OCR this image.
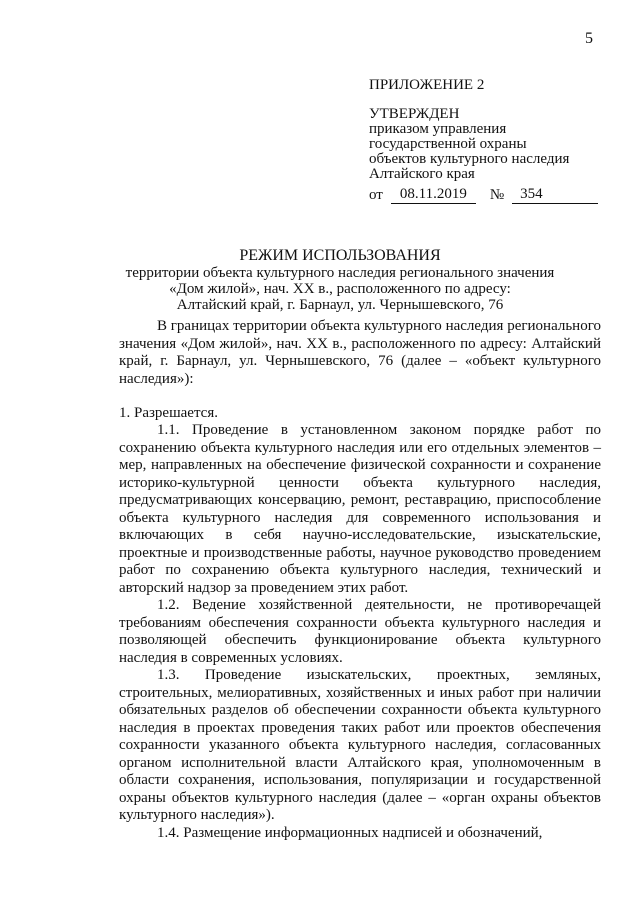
5
ПРИЛОЖЕНИЕ 2
УТВЕРЖДЕН
приказом управления
государственной охраны
объектов культурного наследия
Алтайского края
от	08.11.2019	№	354
РЕЖИМ ИСПОЛЬЗОВАНИЯ
территории объекта культурного наследия регионального значения
«Дом жилой», нач. XX в., расположенного по адресу:
Алтайский край, г. Барнаул, ул. Чернышевского, 76

В границах территории объекта культурного наследия регионального значения «Дом жилой», нач. XX в., расположенного по адресу: Алтайский край, г. Барнаул, ул. Чернышевского, 76 (далее – «объект культурного наследия»):

1. Разрешается.

1.1. Проведение в установленном законом порядке работ по сохранению объекта культурного наследия или его отдельных элементов – мер, направленных на обеспечение физической сохранности и сохранение историко-культурной ценности объекта культурного наследия, предусматривающих консервацию, ремонт, реставрацию, приспособление объекта культурного наследия для современного использования и включающих в себя научно-исследовательские, изыскательские, проектные и производственные работы, научное руководство проведением работ по сохранению объекта культурного наследия, технический и авторский надзор за проведением этих работ.

1.2. Ведение хозяйственной деятельности, не противоречащей требованиям обеспечения сохранности объекта культурного наследия и позволяющей обеспечить функционирование объекта культурного наследия в современных условиях.

1.3. Проведение изыскательских, проектных, земляных, строительных, мелиоративных, хозяйственных и иных работ при наличии обязательных разделов об обеспечении сохранности объекта культурного наследия в проектах проведения таких работ или проектов обеспечения сохранности указанного объекта культурного наследия, согласованных органом исполнительной власти Алтайского края, уполномоченным в области сохранения, использования, популяризации и государственной охраны объектов культурного наследия (далее – «орган охраны объектов культурного наследия»).

1.4. Размещение информационных надписей и обозначений,
